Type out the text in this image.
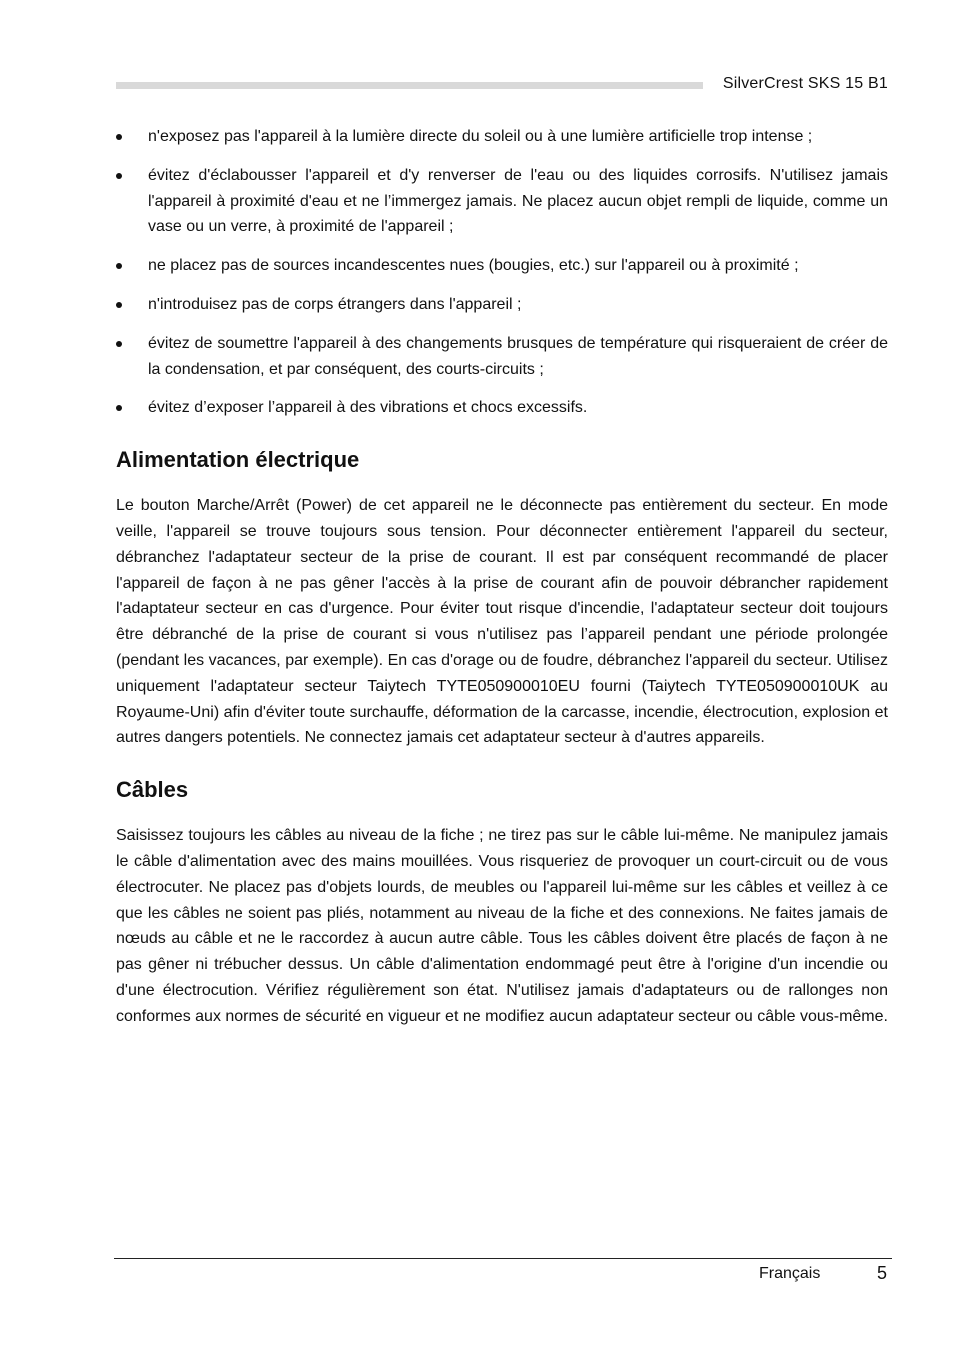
SilverCrest SKS 15 B1
n'exposez pas l'appareil à la lumière directe du soleil ou à une lumière artificielle trop intense ;
évitez d'éclabousser l'appareil et d'y renverser de l'eau ou des liquides corrosifs. N'utilisez jamais l'appareil à proximité d'eau et ne l’immergez jamais. Ne placez aucun objet rempli de liquide, comme un vase ou un verre, à proximité de l'appareil ;
ne placez pas de sources incandescentes nues (bougies, etc.) sur l'appareil ou à proximité ;
n'introduisez pas de corps étrangers dans l'appareil ;
évitez de soumettre l'appareil à des changements brusques de température qui risqueraient de créer de la condensation, et par conséquent, des courts-circuits ;
évitez d’exposer l’appareil à des vibrations et chocs excessifs.
Alimentation électrique

Le bouton Marche/Arrêt (Power) de cet appareil ne le déconnecte pas entièrement du secteur. En mode veille, l'appareil se trouve toujours sous tension. Pour déconnecter entièrement l'appareil du secteur, débranchez l'adaptateur secteur de la prise de courant. Il est par conséquent recommandé de placer l'appareil de façon à ne pas gêner l'accès à la prise de courant afin de pouvoir débrancher rapidement l'adaptateur secteur en cas d'urgence. Pour éviter tout risque d'incendie, l'adaptateur secteur doit toujours être débranché de la prise de courant si vous n'utilisez pas l’appareil pendant une période prolongée (pendant les vacances, par exemple). En cas d'orage ou de foudre, débranchez l'appareil du secteur. Utilisez uniquement l'adaptateur secteur Taiytech TYTE050900010EU fourni (Taiytech TYTE050900010UK au Royaume-Uni) afin d'éviter toute surchauffe, déformation de la carcasse, incendie, électrocution, explosion et autres dangers potentiels. Ne connectez jamais cet adaptateur secteur à d'autres appareils.

Câbles

Saisissez toujours les câbles au niveau de la fiche ; ne tirez pas sur le câble lui-même. Ne manipulez jamais le câble d'alimentation avec des mains mouillées. Vous risqueriez de provoquer un court-circuit ou de vous électrocuter. Ne placez pas d'objets lourds, de meubles ou l'appareil lui-même sur les câbles et veillez à ce que les câbles ne soient pas pliés, notamment au niveau de la fiche et des connexions. Ne faites jamais de nœuds au câble et ne le raccordez à aucun autre câble. Tous les câbles doivent être placés de façon à ne pas gêner ni trébucher dessus. Un câble d'alimentation endommagé peut être à l'origine d'un incendie ou d'une électrocution. Vérifiez régulièrement son état. N'utilisez jamais d'adaptateurs ou de rallonges non conformes aux normes de sécurité en vigueur et ne modifiez aucun adaptateur secteur ou câble vous-même.

Français	5
